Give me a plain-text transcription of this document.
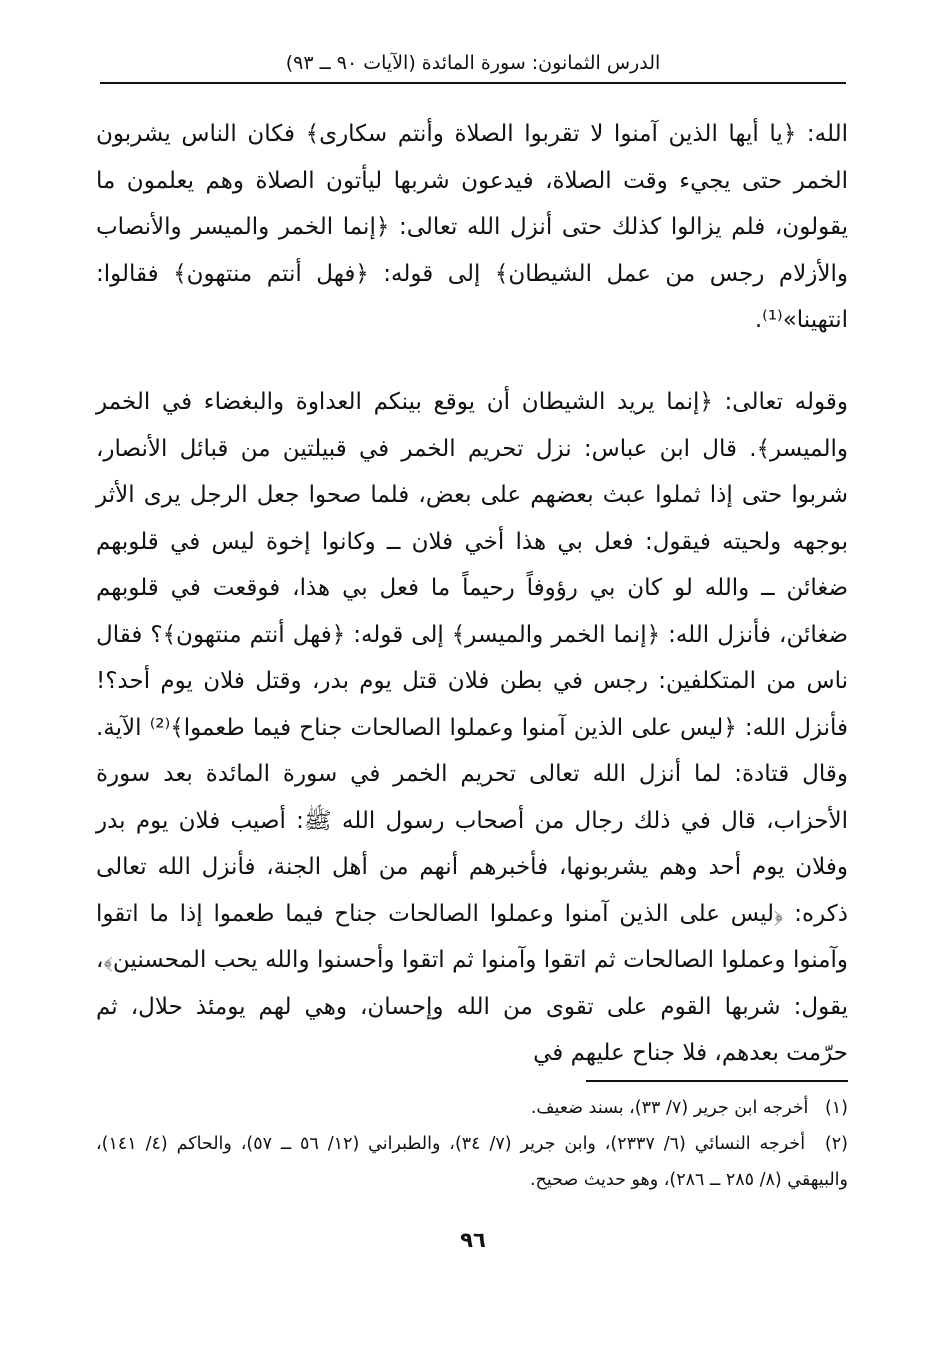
الدرس الثمانون: سورة المائدة (الآيات ٩٠ ــ ٩٣)

الله: ﴿يا أيها الذين آمنوا لا تقربوا الصلاة وأنتم سكارى﴾ فكان الناس يشربون الخمر حتى يجيء وقت الصلاة، فيدعون شربها ليأتون الصلاة وهم يعلمون ما يقولون، فلم يزالوا كذلك حتى أنزل الله تعالى: ﴿إنما الخمر والميسر والأنصاب والأزلام رجس من عمل الشيطان﴾ إلى قوله: ﴿فهل أنتم منتهون﴾ فقالوا: انتهينا»⁽¹⁾.

وقوله تعالى: ﴿إنما يريد الشيطان أن يوقع بينكم العداوة والبغضاء في الخمر والميسر﴾. قال ابن عباس: نزل تحريم الخمر في قبيلتين من قبائل الأنصار، شربوا حتى إذا ثملوا عبث بعضهم على بعض، فلما صحوا جعل الرجل يرى الأثر بوجهه ولحيته فيقول: فعل بي هذا أخي فلان ــ وكانوا إخوة ليس في قلوبهم ضغائن ــ والله لو كان بي رؤوفاً رحيماً ما فعل بي هذا، فوقعت في قلوبهم ضغائن، فأنزل الله: ﴿إنما الخمر والميسر﴾ إلى قوله: ﴿فهل أنتم منتهون﴾؟ فقال ناس من المتكلفين: رجس في بطن فلان قتل يوم بدر، وقتل فلان يوم أحد؟! فأنزل الله: ﴿ليس على الذين آمنوا وعملوا الصالحات جناح فيما طعموا﴾⁽²⁾ الآية. وقال قتادة: لما أنزل الله تعالى تحريم الخمر في سورة المائدة بعد سورة الأحزاب، قال في ذلك رجال من أصحاب رسول الله ﷺ: أصيب فلان يوم بدر وفلان يوم أحد وهم يشربونها، فأخبرهم أنهم من أهل الجنة، فأنزل الله تعالى ذكره: ﴿ليس على الذين آمنوا وعملوا الصالحات جناح فيما طعموا إذا ما اتقوا وآمنوا وعملوا الصالحات ثم اتقوا وآمنوا ثم اتقوا وأحسنوا والله يحب المحسنين﴾، يقول: شربها القوم على تقوى من الله وإحسان، وهي لهم يومئذ حلال، ثم حرّمت بعدهم، فلا جناح عليهم في

(١) أخرجه ابن جرير (٧/ ٣٣)، بسند ضعيف.

(٢) أخرجه النسائي (٦/ ٢٣٣٧)، وابن جرير (٧/ ٣٤)، والطبراني (١٢/ ٥٦ ــ ٥٧)، والحاكم (٤/ ١٤١)، والبيهقي (٨/ ٢٨٥ ــ ٢٨٦)، وهو حديث صحيح.

٩٦
